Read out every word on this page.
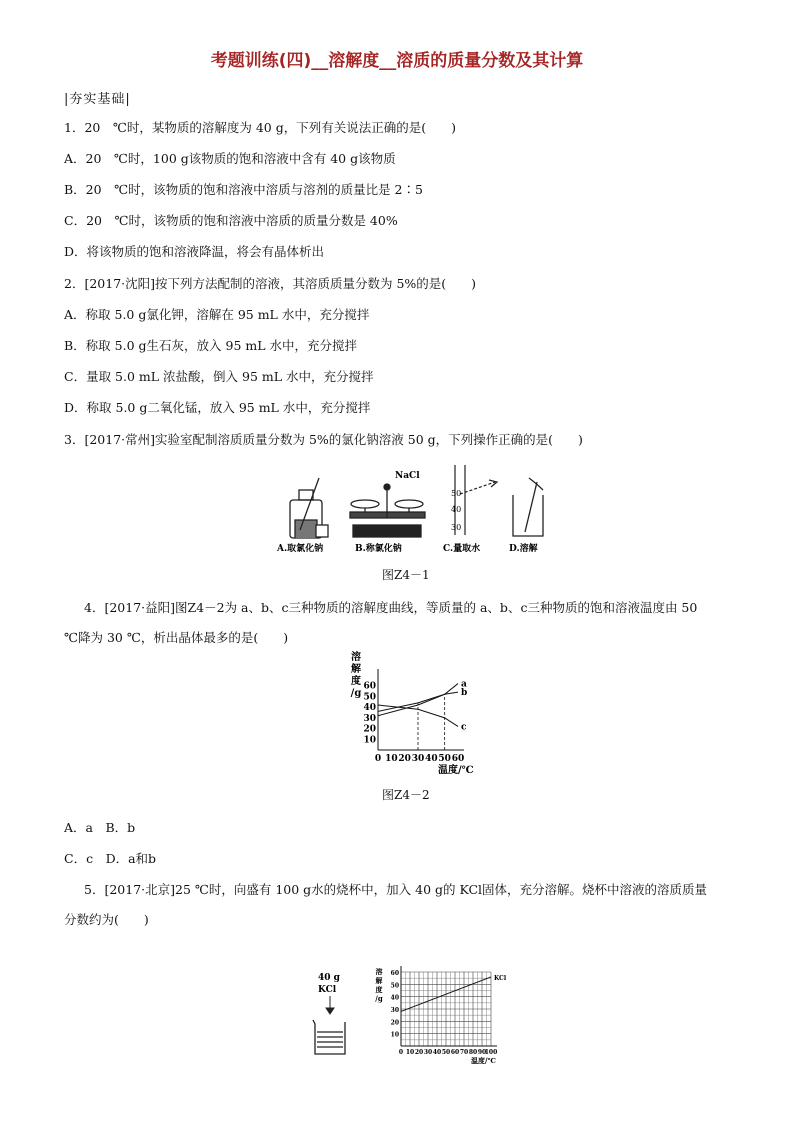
考题训练(四)__溶解度__溶质的质量分数及其计算
|夯实基础|
1．20　℃时，某物质的溶解度为 40 g，下列有关说法正确的是(　　)
A．20　℃时，100 g该物质的饱和溶液中含有 40 g该物质
B．20　℃时，该物质的饱和溶液中溶质与溶剂的质量比是 2∶5
C．20　℃时，该物质的饱和溶液中溶质的质量分数是 40%
D．将该物质的饱和溶液降温，将会有晶体析出
2．[2017·沈阳]按下列方法配制的溶液，其溶质质量分数为 5%的是(　　)
A．称取 5.0 g氯化钾，溶解在 95 mL 水中，充分搅拌
B．称取 5.0 g生石灰，放入 95 mL 水中，充分搅拌
C．量取 5.0 mL 浓盐酸，倒入 95 mL 水中，充分搅拌
D．称取 5.0 g二氧化锰，放入 95 mL 水中，充分搅拌
3．[2017·常州]实验室配制溶质质量分数为 5%的氯化钠溶液 50 g，下列操作正确的是(　　)
NaCl
50
40
30
A.取氯化钠	B.称氯化钠	C.量取水	D.溶解
图Z4－1
4．[2017·益阳]图Z4－2为 a、b、c三种物质的溶解度曲线，等质量的 a、b、c三种物质的饱和溶液温度由 50
℃降为 30 ℃，析出晶体最多的是(　　)
10
20
30
40
50
60
0 10 20 30 40 50 60
溶
解
度
/g
温度/℃
a
b
c
图Z4－2
A．a　B．b
C．c　D．a和b
5．[2017·北京]25 ℃时，向盛有 100 g水的烧杯中，加入 40 g的 KCl固体，充分溶解。烧杯中溶液的溶质质量
分数约为(　　)
40 g
KCl
10
20
30
40
50
60
0 10 20 30 40 50 60 70 80 90
100
溶
解
度
/g
温度/℃
KCl
